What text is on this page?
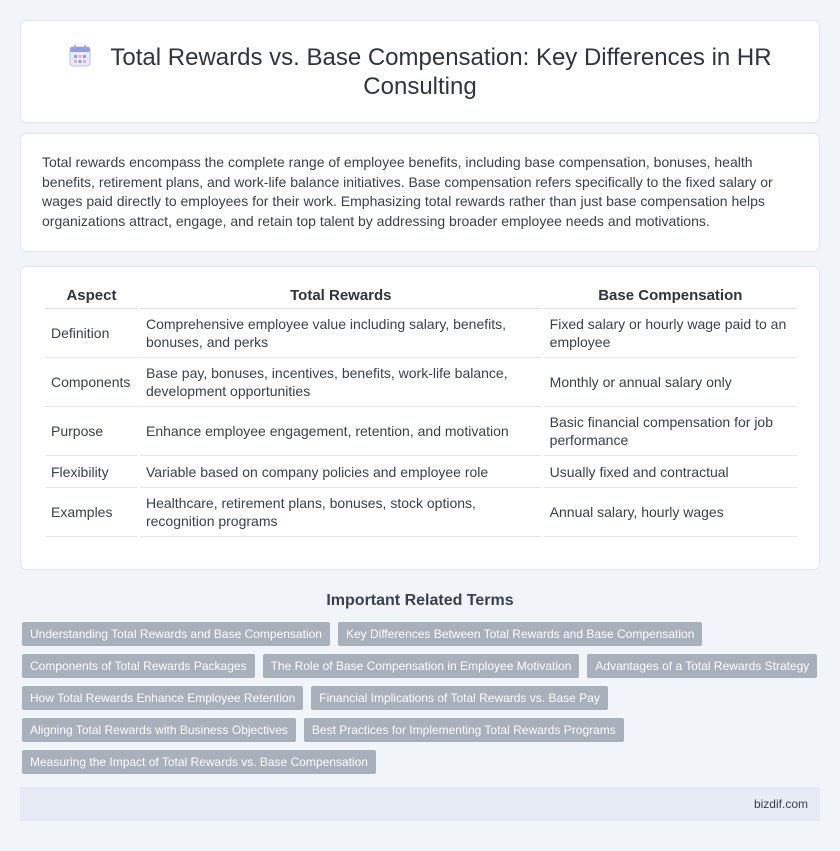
Total Rewards vs. Base Compensation: Key Differences in HR Consulting

Total rewards encompass the complete range of employee benefits, including base compensation, bonuses, health benefits, retirement plans, and work-life balance initiatives. Base compensation refers specifically to the fixed salary or wages paid directly to employees for their work. Emphasizing total rewards rather than just base compensation helps organizations attract, engage, and retain top talent by addressing broader employee needs and motivations.

Aspect	Total Rewards	Base Compensation
Definition	Comprehensive employee value including salary, benefits, bonuses, and perks	Fixed salary or hourly wage paid to an employee
Components	Base pay, bonuses, incentives, benefits, work-life balance, development opportunities	Monthly or annual salary only
Purpose	Enhance employee engagement, retention, and motivation	Basic financial compensation for job performance
Flexibility	Variable based on company policies and employee role	Usually fixed and contractual
Examples	Healthcare, retirement plans, bonuses, stock options, recognition programs	Annual salary, hourly wages
Important Related Terms
Understanding Total Rewards and Base Compensation	Key Differences Between Total Rewards and Base Compensation
Components of Total Rewards Packages	The Role of Base Compensation in Employee Motivation	Advantages of a Total Rewards Strategy
How Total Rewards Enhance Employee Retention	Financial Implications of Total Rewards vs. Base Pay
Aligning Total Rewards with Business Objectives	Best Practices for Implementing Total Rewards Programs
Measuring the Impact of Total Rewards vs. Base Compensation
bizdif.com
